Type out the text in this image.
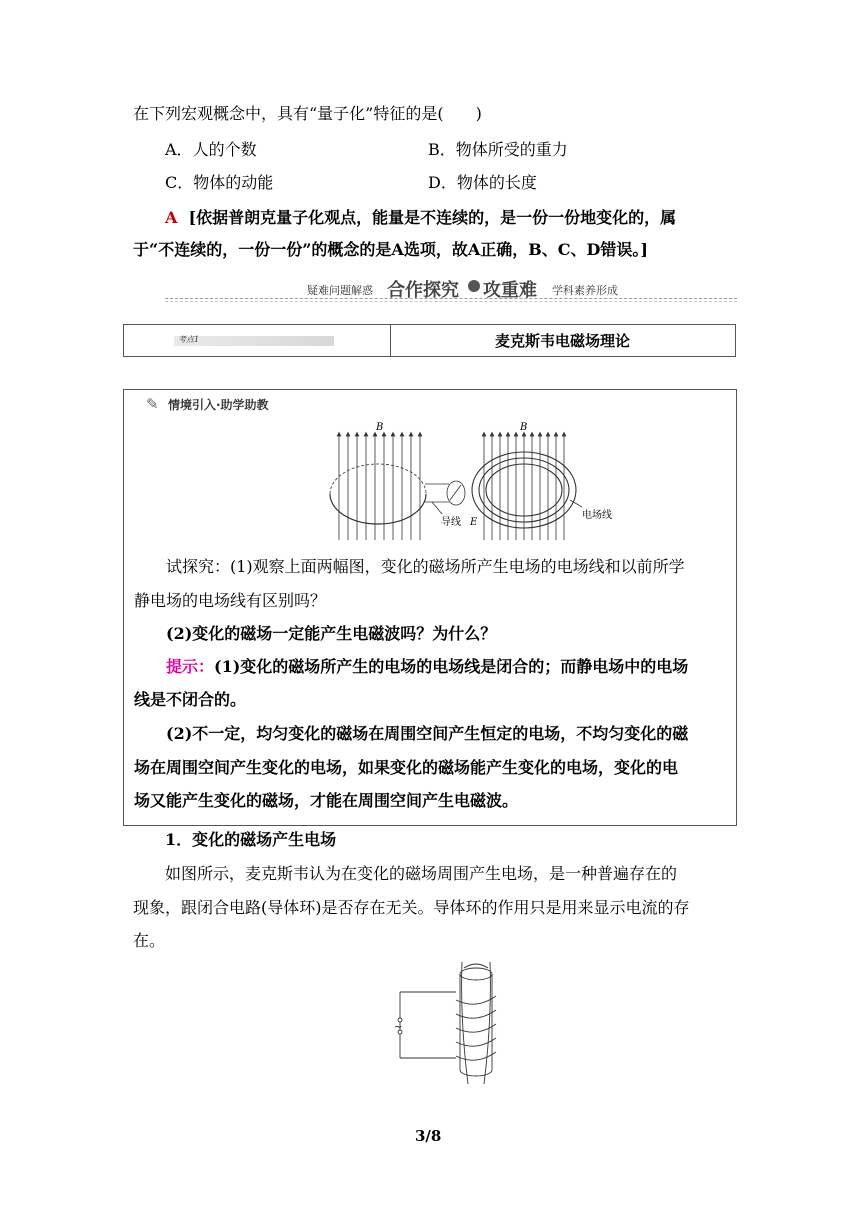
在下列宏观概念中，具有“量子化”特征的是(　　)
A．人的个数	B．物体所受的重力
C．物体的动能	D．物体的长度
A [依据普朗克量子化观点，能量是不连续的，是一份一份地变化的，属
于“不连续的，一份一份”的概念的是A选项，故A正确，B、C、D错误。]
疑难问题解惑 合作探究 攻重难 学科素养形成
考点1	麦克斯韦电磁场理论
✎ 情境引入·助学助教
B	B
导线 E
电场线
试探究：(1)观察上面两幅图，变化的磁场所产生电场的电场线和以前所学
静电场的电场线有区别吗？
(2)变化的磁场一定能产生电磁波吗？为什么？
提示：(1)变化的磁场所产生的电场的电场线是闭合的；而静电场中的电场
线是不闭合的。
(2)不一定，均匀变化的磁场在周围空间产生恒定的电场，不均匀变化的磁
场在周围空间产生变化的电场，如果变化的磁场能产生变化的电场，变化的电
场又能产生变化的磁场，才能在周围空间产生电磁波。
1．变化的磁场产生电场
如图所示，麦克斯韦认为在变化的磁场周围产生电场，是一种普遍存在的
现象，跟闭合电路(导体环)是否存在无关。导体环的作用只是用来显示电流的存
在。
~
3/8
